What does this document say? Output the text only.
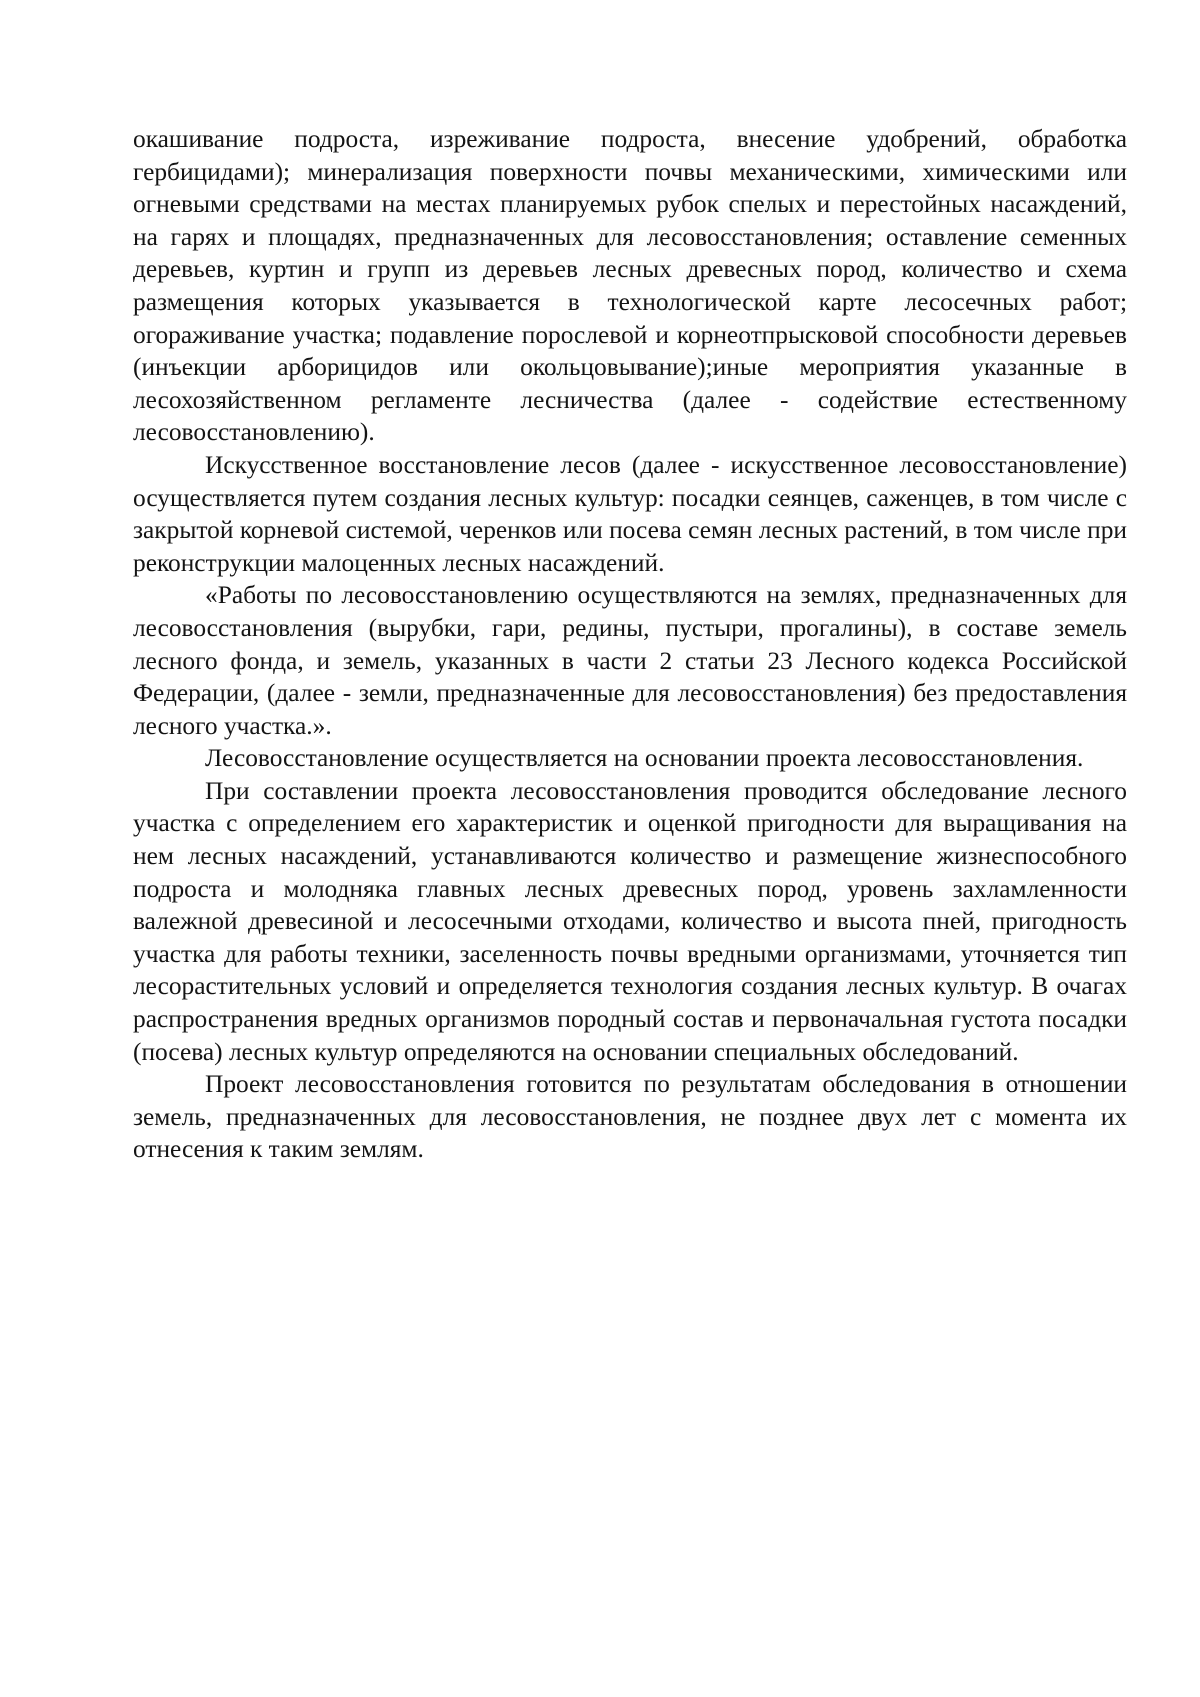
окашивание подроста, изреживание подроста, внесение удобрений, обработка гербицидами); минерализация поверхности почвы механическими, химическими или огневыми средствами на местах планируемых рубок спелых и перестойных насаждений, на гарях и площадях, предназначенных для лесовосстановления; оставление семенных деревьев, куртин и групп из деревьев лесных древесных пород, количество и схема размещения которых указывается в технологической карте лесосечных работ; огораживание участка; подавление порослевой и корнеотпрысковой способности деревьев (инъекции арборицидов или окольцовывание);иные мероприятия указанные в лесохозяйственном регламенте лесничества (далее - содействие естественному лесовосстановлению).

Искусственное восстановление лесов (далее - искусственное лесовосстановление) осуществляется путем создания лесных культур: посадки сеянцев, саженцев, в том числе с закрытой корневой системой, черенков или посева семян лесных растений, в том числе при реконструкции малоценных лесных насаждений.

«Работы по лесовосстановлению осуществляются на землях, предназначенных для лесовосстановления (вырубки, гари, редины, пустыри, прогалины), в составе земель лесного фонда, и земель, указанных в части 2 статьи 23 Лесного кодекса Российской Федерации, (далее - земли, предназначенные для лесовосстановления) без предоставления лесного участка.».

Лесовосстановление осуществляется на основании проекта лесовосстановления.

При составлении проекта лесовосстановления проводится обследование лесного участка с определением его характеристик и оценкой пригодности для выращивания на нем лесных насаждений, устанавливаются количество и размещение жизнеспособного подроста и молодняка главных лесных древесных пород, уровень захламленности валежной древесиной и лесосечными отходами, количество и высота пней, пригодность участка для работы техники, заселенность почвы вредными организмами, уточняется тип лесорастительных условий и определяется технология создания лесных культур. В очагах распространения вредных организмов породный состав и первоначальная густота посадки (посева) лесных культур определяются на основании специальных обследований.

Проект лесовосстановления готовится по результатам обследования в отношении земель, предназначенных для лесовосстановления, не позднее двух лет с момента их отнесения к таким землям.
